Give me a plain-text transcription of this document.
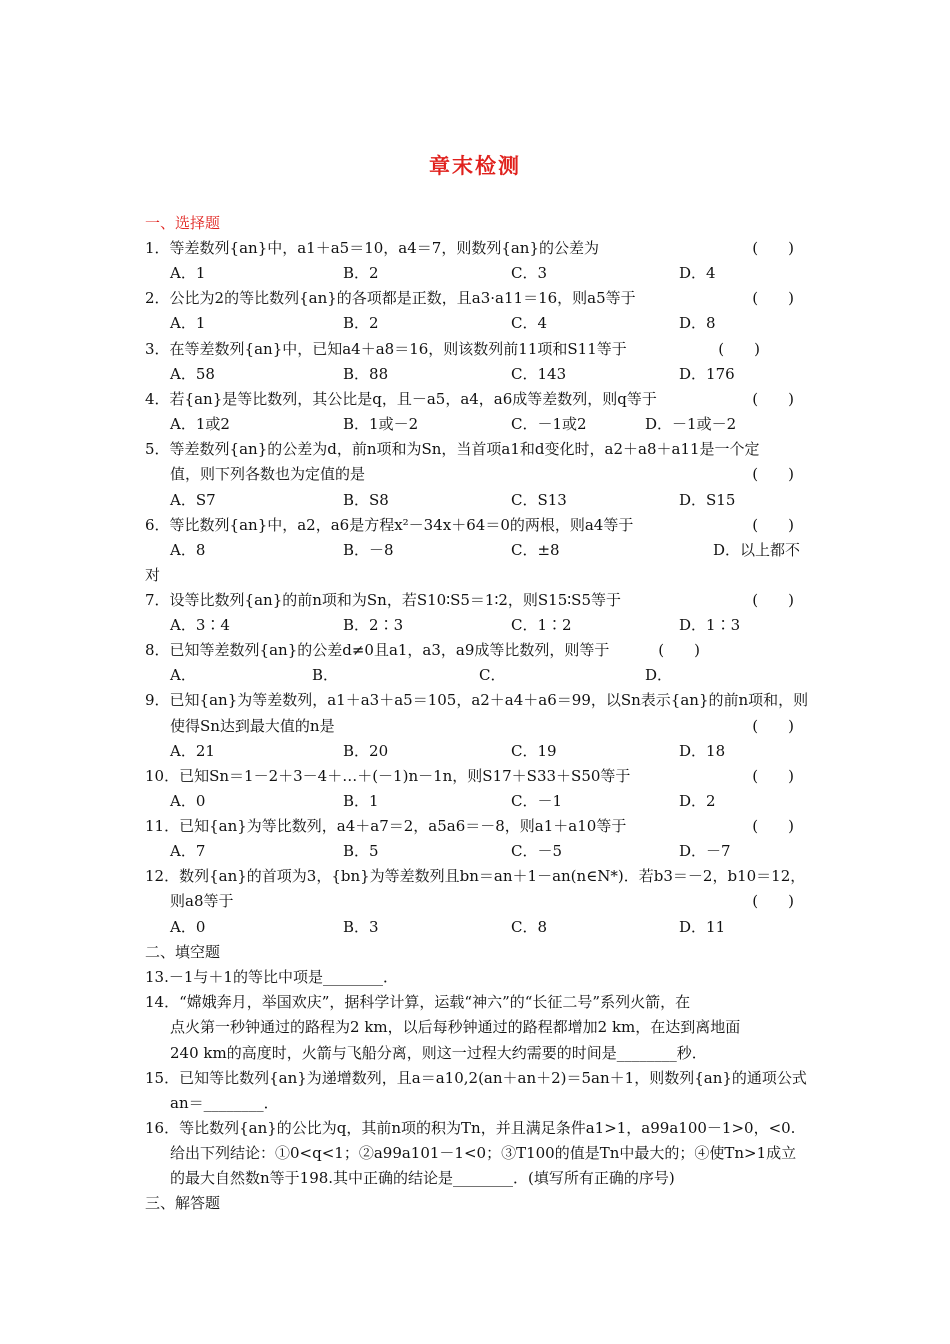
章末检测
一、选择题
1．等差数列{an}中，a1＋a5＝10，a4＝7，则数列{an}的公差为	(　　)
A．1	B．2	C．3	D．4
2．公比为2的等比数列{an}的各项都是正数，且a3·a11＝16，则a5等于	(　　)
A．1	B．2	C．4	D．8
3．在等差数列{an}中，已知a4＋a8＝16，则该数列前11项和S11等于	(　　)
A．58	B．88	C．143	D．176
4．若{an}是等比数列，其公比是q，且－a5，a4，a6成等差数列，则q等于	(　　)
A．1或2	B．1或－2	C．－1或2	D．－1或－2
5．等差数列{an}的公差为d，前n项和为Sn，当首项a1和d变化时，a2＋a8＋a11是一个定
值，则下列各数也为定值的是	(　　)
A．S7	B．S8	C．S13	D．S15
6．等比数列{an}中，a2，a6是方程x²－34x＋64＝0的两根，则a4等于	(　　)
A．8	B．－8	C．±8	D．以上都不
对
7．设等比数列{an}的前n项和为Sn，若S10∶S5＝1∶2，则S15∶S5等于	(　　)
A．3∶4	B．2∶3	C．1∶2	D．1∶3
8．已知等差数列{an}的公差d≠0且a1，a3，a9成等比数列，则等于	(　　)
A．	B．	C．	D．
9．已知{an}为等差数列，a1＋a3＋a5＝105，a2＋a4＋a6＝99，以Sn表示{an}的前n项和，则
使得Sn达到最大值的n是	(　　)
A．21	B．20	C．19	D．18
10．已知Sn＝1－2＋3－4＋…＋(－1)n－1n，则S17＋S33＋S50等于	(　　)
A．0	B．1	C．－1	D．2
11．已知{an}为等比数列，a4＋a7＝2，a5a6＝－8，则a1＋a10等于	(　　)
A．7	B．5	C．－5	D．－7
12．数列{an}的首项为3，{bn}为等差数列且bn＝an＋1－an(n∈N*)．若b3＝－2，b10＝12，
则a8等于	(　　)
A．0	B．3	C．8	D．11
二、填空题
13.－1与＋1的等比中项是________．
14．“嫦娥奔月，举国欢庆”，据科学计算，运载“神六”的“长征二号”系列火箭，在
点火第一秒钟通过的路程为2 km，以后每秒钟通过的路程都增加2 km，在达到离地面
240 km的高度时，火箭与飞船分离，则这一过程大约需要的时间是________秒．
15．已知等比数列{an}为递增数列，且a＝a10,2(an＋an＋2)＝5an＋1，则数列{an}的通项公式
an＝________．
16．等比数列{an}的公比为q，其前n项的积为Tn，并且满足条件a1>1，a99a100－1>0，<0.
给出下列结论：①0<q<1；②a99a101－1<0；③T100的值是Tn中最大的；④使Tn>1成立
的最大自然数n等于198.其中正确的结论是________．(填写所有正确的序号)
三、解答题
